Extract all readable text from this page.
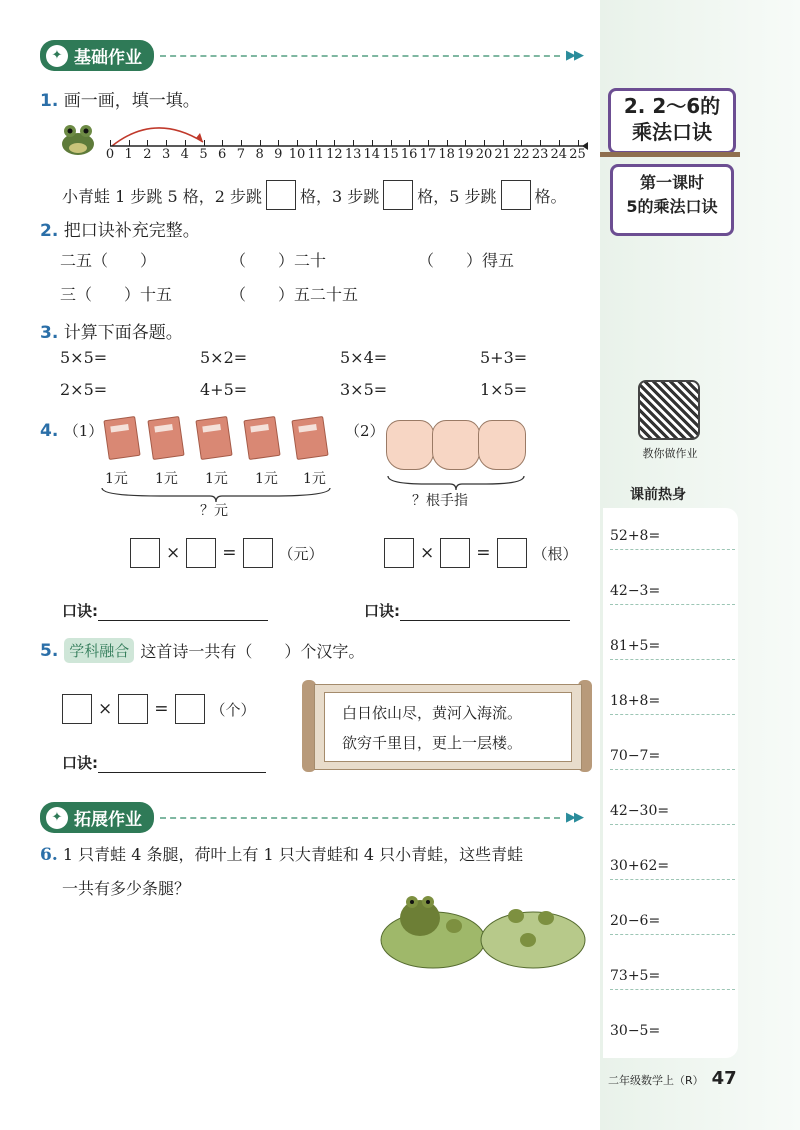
2. 2～6的
乘法口诀
第一课时
5的乘法口诀
教你做作业
课前热身
52+8=
42−3=
81+5=
18+8=
70−7=
42−30=
30+62=
20−6=
73+5=
30−5=
二年级数学上（R） 47
✦ 基础作业	▶▶
1. 画一画，填一填。
0 1 2 3 4 5 6 7 8 9 10 11 12 13 14 15 16 17 18 19 20 21 22 23 24 25
小青蛙 1 步跳 5 格，2 步跳 格，3 步跳 格，5 步跳 格。
2. 把口诀补充完整。
二五（　　）	（　　）二十	（　　）得五
三（　　）十五	（　　）五二十五
3. 计算下面各题。
5×5=	5×2=	5×4=	5+3=
2×5=	4+5=	3×5=	1×5=
4. （1）
1元 1元 1元 1元 1元
？元
（2）
？根手指
× =	（元）	× =	（根）
口诀:	口诀:
5. 学科融合 这首诗一共有（　　）个汉字。
× =	（个）
口诀:
白日依山尽，黄河入海流。
欲穷千里目，更上一层楼。
✦ 拓展作业	▶▶
6. 1 只青蛙 4 条腿，荷叶上有 1 只大青蛙和 4 只小青蛙，这些青蛙
一共有多少条腿？
